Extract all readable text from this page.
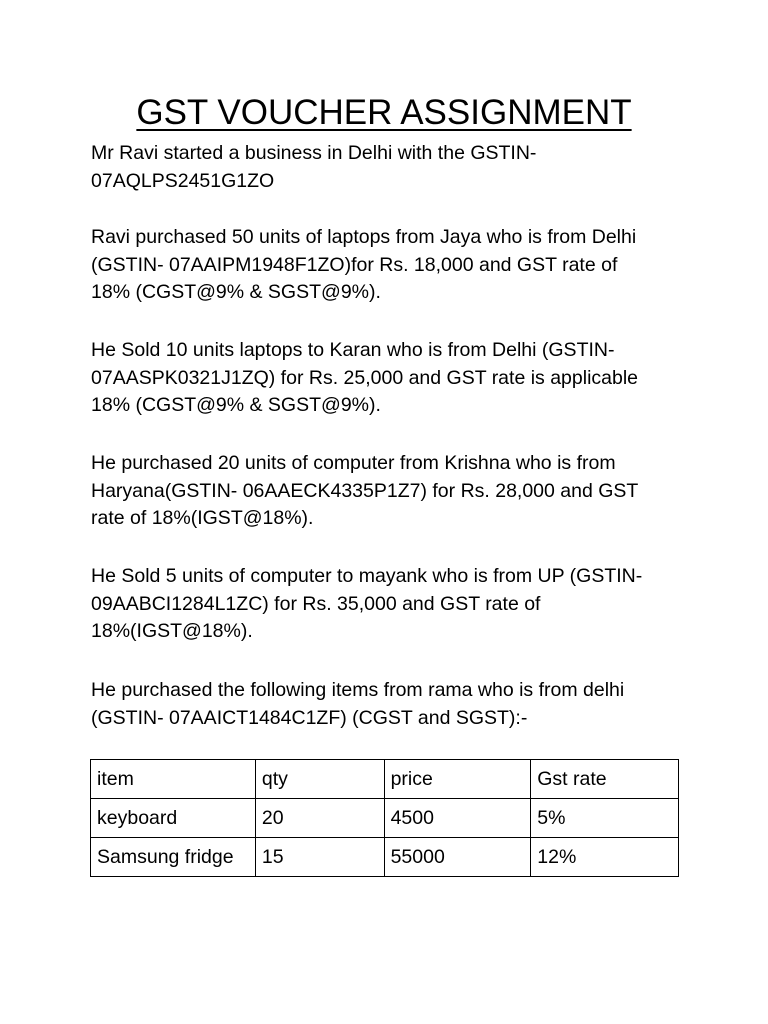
GST VOUCHER ASSIGNMENT
Mr Ravi started a business in Delhi with the GSTIN-
07AQLPS2451G1ZO
Ravi purchased 50 units of laptops from Jaya who is from Delhi
(GSTIN- 07AAIPM1948F1ZO)for Rs. 18,000 and GST rate of
18% (CGST@9% & SGST@9%).
He Sold 10 units laptops to Karan who is from Delhi (GSTIN-
07AASPK0321J1ZQ) for Rs. 25,000 and GST rate is applicable
18% (CGST@9% & SGST@9%).
He purchased 20 units of computer from Krishna who is from
Haryana(GSTIN- 06AAECK4335P1Z7) for Rs. 28,000 and GST
rate of 18%(IGST@18%).
He Sold 5 units of computer to mayank who is from UP (GSTIN-
09AABCI1284L1ZC) for Rs. 35,000 and GST rate of
18%(IGST@18%).
He purchased the following items from rama who is from delhi
(GSTIN- 07AAICT1484C1ZF) (CGST and SGST):-
item	qty	price	Gst rate
keyboard	20	4500	5%
Samsung fridge	15	55000	12%
